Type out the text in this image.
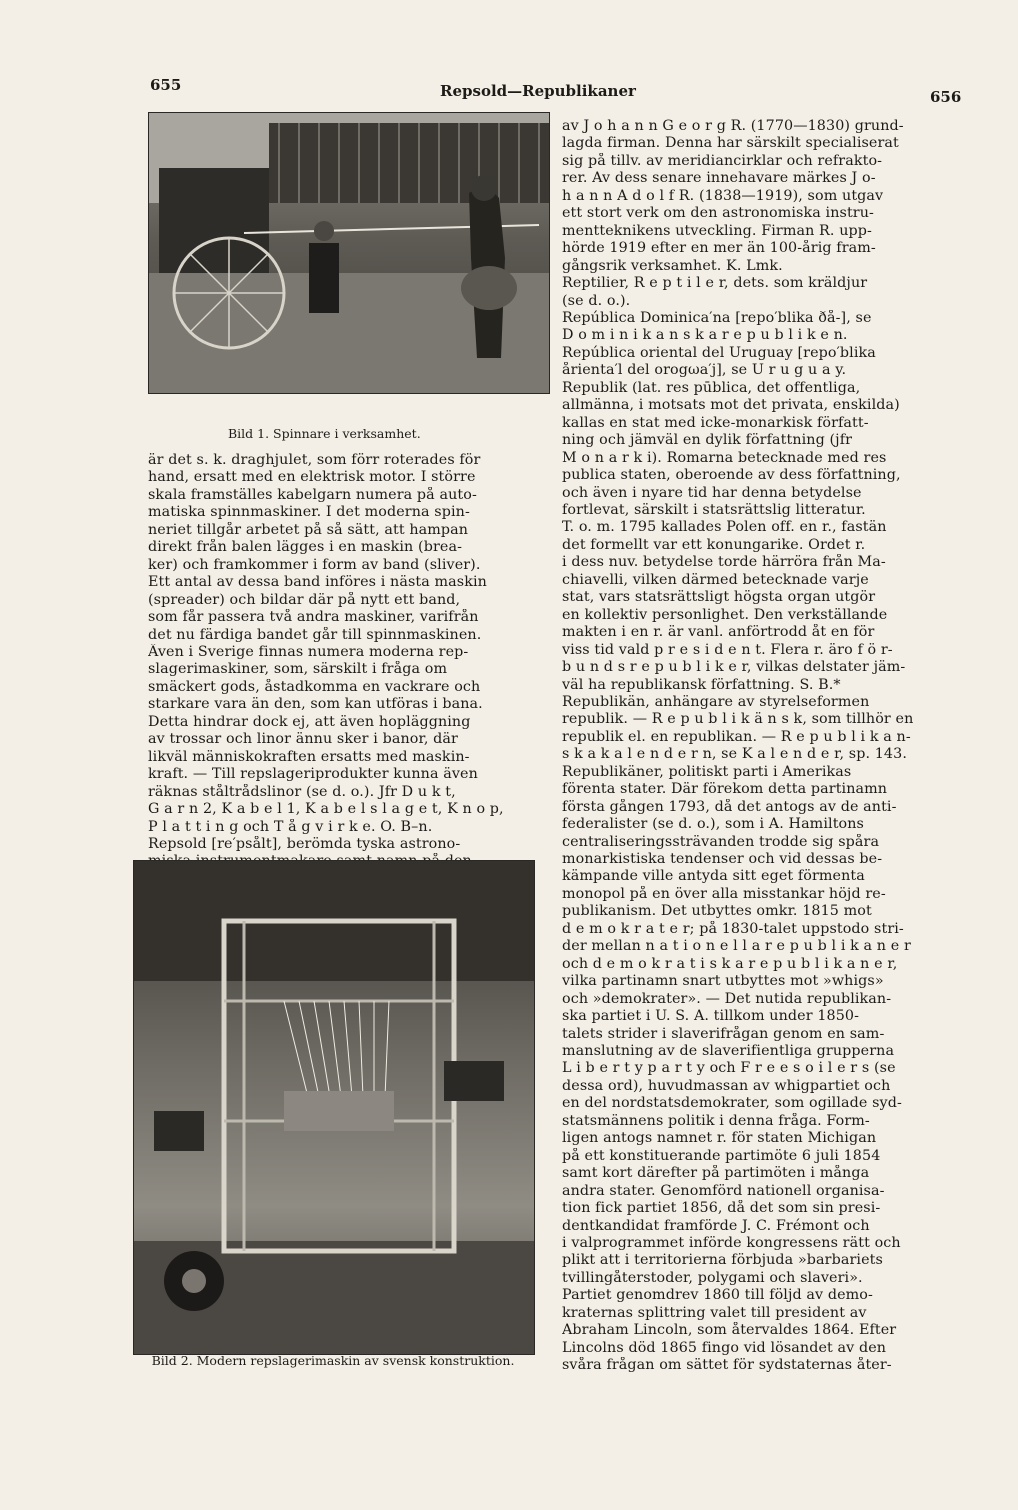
655	Repsold—Republikaner	656
Bild 1. Spinnare i verksamhet.
är det s. k. draghjulet, som förr roterades för
hand, ersatt med en elektrisk motor. I större
skala framställes kabelgarn numera på auto-
matiska spinnmaskiner. I det moderna spin-
neriet tillgår arbetet på så sätt, att hampan
direkt från balen lägges i en maskin (brea-
ker) och framkommer i form av band (sliver).
Ett antal av dessa band införes i nästa maskin
(spreader) och bildar där på nytt ett band,
som får passera två andra maskiner, varifrån
det nu färdiga bandet går till spinnmaskinen.
Även i Sverige finnas numera moderna rep-
slagerimaskiner, som, särskilt i fråga om
smäckert gods, åstadkomma en vackrare och
starkare vara än den, som kan utföras i bana.
Detta hindrar dock ej, att även hopläggning
av trossar och linor ännu sker i banor, där
likväl människokraften ersatts med maskin-
kraft. — Till repslageriprodukter kunna även
räknas ståltrådslinor (se d. o.). Jfr D u k t,
G a r n 2, K a b e l 1, K a b e l s l a g e t, K n o p,
P l a t t i n g och T å g v i r k e. O. B–n.
Repsold [re′psålt], berömda tyska astrono-
Bild 2. Modern repslagerimaskin av svensk konstruktion.
av J o h a n n G e o r g R. (1770—1830) grund-
lagda firman. Denna har särskilt specialiserat
sig på tillv. av meridiancirklar och refrakto-
rer. Av dess senare innehavare märkes J o-
h a n n A d o l f R. (1838—1919), som utgav
ett stort verk om den astronomiska instru-
mentteknikens utveckling. Firman R. upp-
hörde 1919 efter en mer än 100-årig fram-
gångsrik verksamhet. K. Lmk.
Reptilier, R e p t i l e r, dets. som kräldjur
(se d. o.).
República Dominica′na [repo′blika ðå-], se
D o m i n i k a n s k a r e p u b l i k e n.
República oriental del Uruguay [repo′blika
årienta′l del orogωa′j], se U r u g u a y.
Republik (lat. res pūblica, det offentliga,
allmänna, i motsats mot det privata, enskilda)
kallas en stat med icke-monarkisk författ-
ning och jämväl en dylik författning (jfr
M o n a r k i). Romarna betecknade med res
publica staten, oberoende av dess författning,
och även i nyare tid har denna betydelse
fortlevat, särskilt i statsrättslig litteratur.
T. o. m. 1795 kallades Polen off. en r., fastän
det formellt var ett konungarike. Ordet r.
i dess nuv. betydelse torde härröra från Ma-
chiavelli, vilken därmed betecknade varje
stat, vars statsrättsligt högsta organ utgör
en kollektiv personlighet. Den verkställande
makten i en r. är vanl. anförtrodd åt en för
viss tid vald p r e s i d e n t. Flera r. äro f ö r-
b u n d s r e p u b l i k e r, vilkas delstater jäm-
väl ha republikansk författning. S. B.*
Republikän, anhängare av styrelseformen
republik. — R e p u b l i k ä n s k, som tillhör en
republik el. en republikan. — R e p u b l i k a n-
s k a k a l e n d e r n, se K a l e n d e r, sp. 143.
Republikäner, politiskt parti i Amerikas
förenta stater. Där förekom detta partinamn
första gången 1793, då det antogs av de anti-
federalister (se d. o.), som i A. Hamiltons
centraliseringssträvanden trodde sig spåra
monarkistiska tendenser och vid dessas be-
kämpande ville antyda sitt eget förmenta
monopol på en över alla misstankar höjd re-
publikanism. Det utbyttes omkr. 1815 mot
d e m o k r a t e r; på 1830-talet uppstodo stri-
der mellan n a t i o n e l l a r e p u b l i k a n e r
och d e m o k r a t i s k a r e p u b l i k a n e r,
vilka partinamn snart utbyttes mot »whigs»
och »demokrater». — Det nutida republikan-
ska partiet i U. S. A. tillkom under 1850-
talets strider i slaverifrågan genom en sam-
manslutning av de slaverifientliga grupperna
L i b e r t y p a r t y och F r e e s o i l e r s (se
dessa ord), huvudmassan av whigpartiet och
en del nordstatsdemokrater, som ogillade syd-
statsmännens politik i denna fråga. Form-
ligen antogs namnet r. för staten Michigan
på ett konstituerande partimöte 6 juli 1854
samt kort därefter på partimöten i många
andra stater. Genomförd nationell organisa-
tion fick partiet 1856, då det som sin presi-
dentkandidat framförde J. C. Frémont och
i valprogrammet införde kongressens rätt och
plikt att i territorierna förbjuda »barbariets
tvillingåterstoder, polygami och slaveri».
Partiet genomdrev 1860 till följd av demo-
kraternas splittring valet till president av
Abraham Lincoln, som återvaldes 1864. Efter
Lincolns död 1865 fingo vid lösandet av den
svåra frågan om sättet för sydstaternas åter-
